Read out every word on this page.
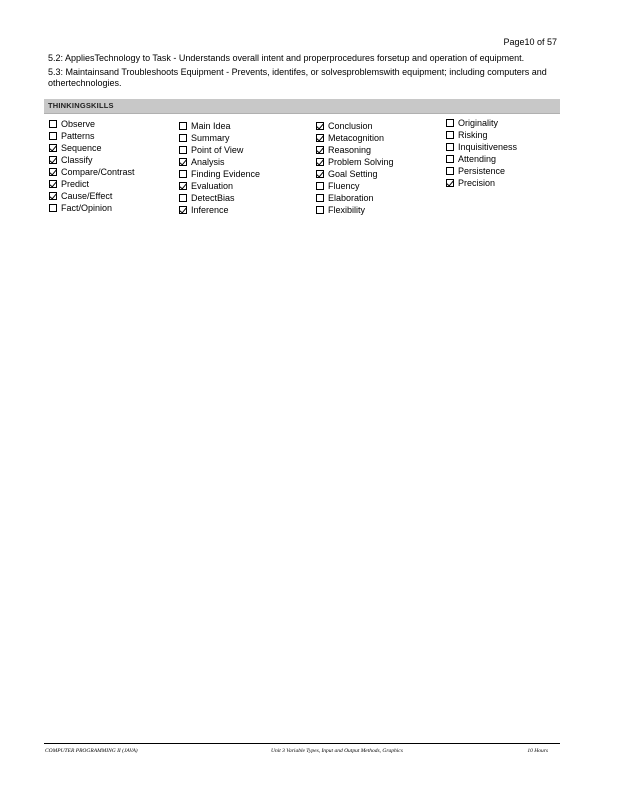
Page10 of 57

5.2: AppliesTechnology to Task - Understands overall intent and properprocedures forsetup and operation of equipment.

5.3: Maintainsand Troubleshoots Equipment - Prevents, identifes, or solvesproblemswith equipment; including computers and othertechnologies.

THINKINGSKILLS
Observe
Patterns
Sequence
Classify
Compare/Contrast
Predict
Cause/Effect
Fact/Opinion
Main Idea
Summary
Point of View
Analysis
Finding Evidence
Evaluation
DetectBias
Inference
Conclusion
Metacognition
Reasoning
Problem Solving
Goal Setting
Fluency
Elaboration
Flexibility
Originality
Risking
Inquisitiveness
Attending
Persistence
Precision
COMPUTER PROGRAMMING II (JAVA)	Unit 3 Variable Types, Input and Output Methods, Graphics	10 Hours
